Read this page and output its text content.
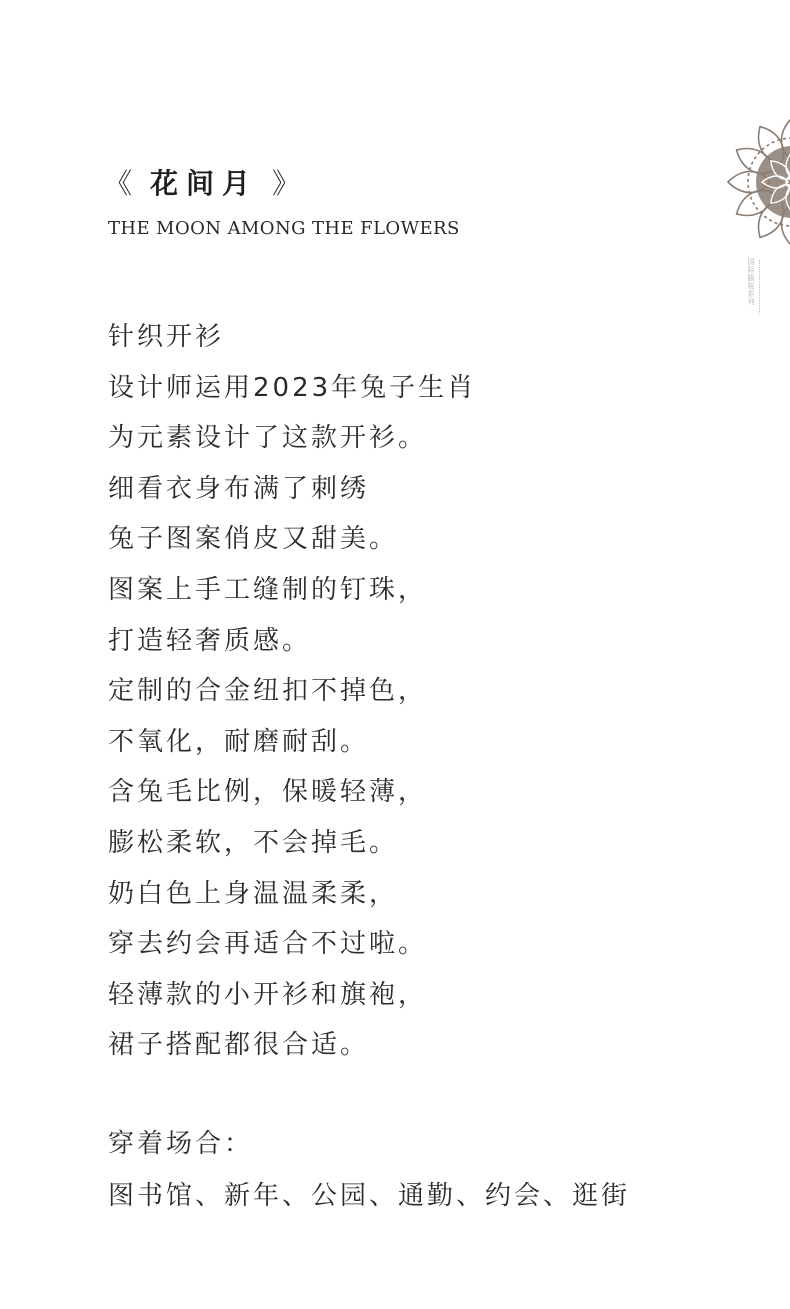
《 花间月 》
THE MOON AMONG THE FLOWERS
针织开衫
设计师运用2023年兔子生肖
为元素设计了这款开衫。
细看衣身布满了刺绣
兔子图案俏皮又甜美。
图案上手工缝制的钉珠，
打造轻奢质感。
定制的合金纽扣不掉色，
不氧化，耐磨耐刮。
含兔毛比例，保暖轻薄，
膨松柔软，不会掉毛。
奶白色上身温温柔柔，
穿去约会再适合不过啦。
轻薄款的小开衫和旗袍，
裙子搭配都很合适。
穿着场合：
图书馆、新年、公园、通勤、约会、逛街
国际服装系列
